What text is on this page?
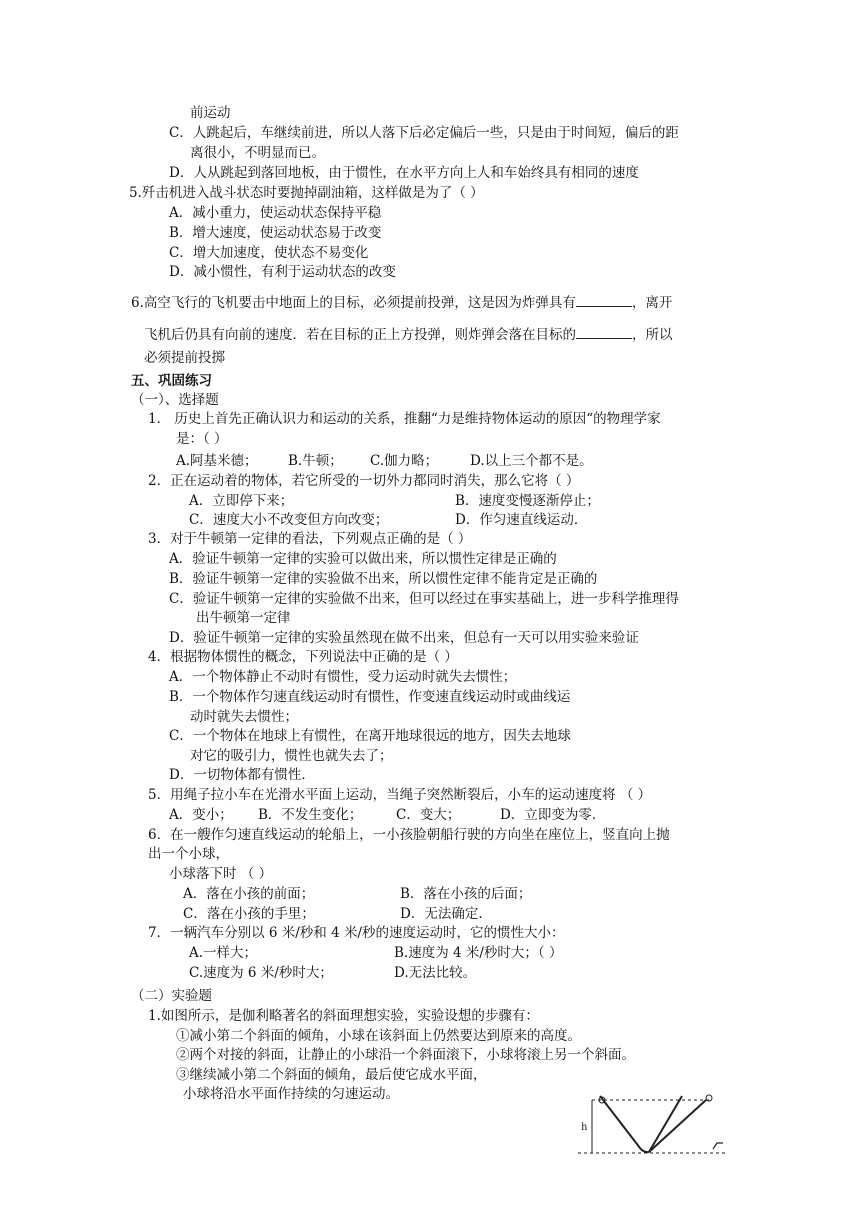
前运动
C．人跳起后，车继续前进，所以人落下后必定偏后一些，只是由于时间短，偏后的距
离很小，不明显而已。
D．人从跳起到落回地板，由于惯性，在水平方向上人和车始终具有相同的速度
5.歼击机进入战斗状态时要抛掉副油箱，这样做是为了（ ）
A．减小重力，使运动状态保持平稳
B．增大速度，使运动状态易于改变
C．增大加速度，使状态不易变化
D．减小惯性，有利于运动状态的改变
6.高空飞行的飞机要击中地面上的目标，必须提前投弹，这是因为炸弹具有	，离开
飞机后仍具有向前的速度．若在目标的正上方投弹，则炸弹会落在目标的	，所以
必须提前投掷
五、巩固练习
（一）、选择题
1． 历史上首先正确认识力和运动的关系，推翻“力是维持物体运动的原因“的物理学家
是：（ ）
A.阿基米德； B.牛顿； C.伽力略； D.以上三个都不是。
2．正在运动着的物体，若它所受的一切外力都同时消失，那么它将（ ）
A．立即停下来；	B．速度变慢逐渐停止；
C．速度大小不改变但方向改变；	D．作匀速直线运动．
3．对于牛顿第一定律的看法，下列观点正确的是（ ）
A．验证牛顿第一定律的实验可以做出来，所以惯性定律是正确的
B．验证牛顿第一定律的实验做不出来，所以惯性定律不能肯定是正确的
C．验证牛顿第一定律的实验做不出来，但可以经过在事实基础上，进一步科学推理得
出牛顿第一定律
D．验证牛顿第一定律的实验虽然现在做不出来，但总有一天可以用实验来验证
4．根据物体惯性的概念，下列说法中正确的是（ ）
A．一个物体静止不动时有惯性，受力运动时就失去惯性；
B．一个物体作匀速直线运动时有惯性，作变速直线运动时或曲线运
动时就失去惯性；
C．一个物体在地球上有惯性，在离开地球很远的地方，因失去地球
对它的吸引力，惯性也就失去了；
D．一切物体都有惯性．
5．用绳子拉小车在光滑水平面上运动，当绳子突然断裂后，小车的运动速度将 （ ）
A．变小； B．不发生变化； C．变大；	D．立即变为零．
6．在一艘作匀速直线运动的轮船上，一小孩脸朝船行驶的方向坐在座位上，竖直向上抛
出一个小球，
小球落下时 （ ）
A．落在小孩的前面；	B．落在小孩的后面；
C．落在小孩的手里；	D．无法确定．
7．一辆汽车分别以 6 米/秒和 4 米/秒的速度运动时，它的惯性大小：
A.一样大；	B.速度为 4 米/秒时大；（ ）
C.速度为 6 米/秒时大；	D.无法比较。
（二）实验题
1.如图所示，是伽利略著名的斜面理想实验，实验设想的步骤有：
①减小第二个斜面的倾角，小球在该斜面上仍然要达到原来的高度。
②两个对接的斜面，让静止的小球沿一个斜面滚下，小球将滚上另一个斜面。
③继续减小第二个斜面的倾角，最后使它成水平面，
小球将沿水平面作持续的匀速运动。
h
